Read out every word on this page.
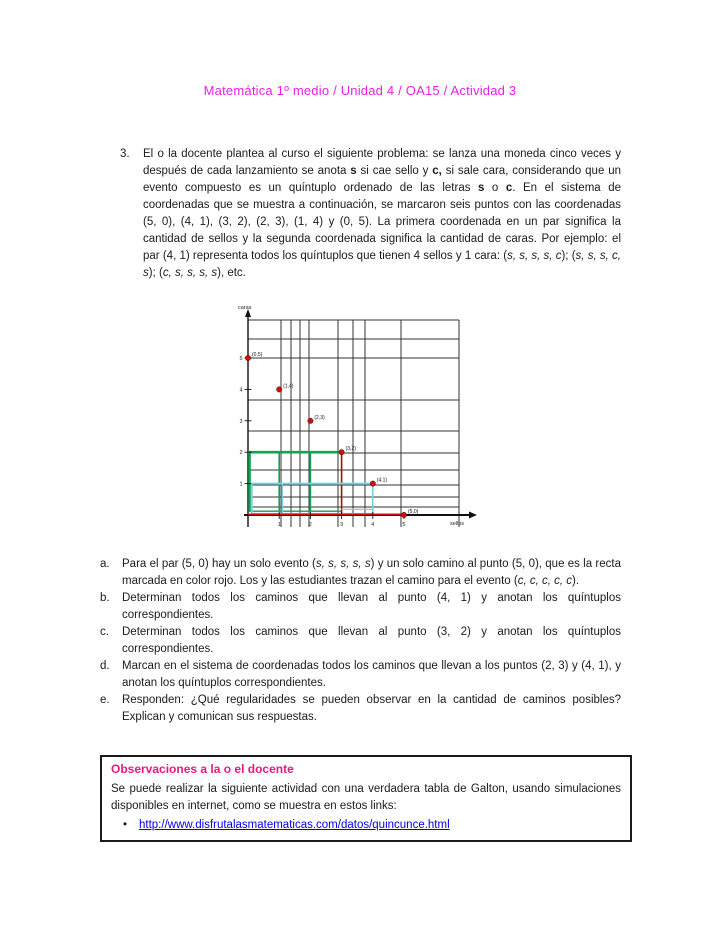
Matemática 1º medio / Unidad 4 / OA15 / Actividad 3
3.	El o la docente plantea al curso el siguiente problema: se lanza una moneda cinco veces y después de cada lanzamiento se anota s si cae sello y c, si sale cara, considerando que un evento compuesto es un quíntuplo ordenado de las letras s o c. En el sistema de coordenadas que se muestra a continuación, se marcaron seis puntos con las coordenadas (5, 0), (4, 1), (3, 2), (2, 3), (1, 4) y (0, 5). La primera coordenada en un par significa la cantidad de sellos y la segunda coordenada significa la cantidad de caras. Por ejemplo: el par (4, 1) representa todos los quíntuplos que tienen 4 sellos y 1 cara: (s, s, s, s, c); (s, s, s, c, s); (c, s, s, s, s), etc.
caras
sellos
1	2	3	4	5
1
2
3
4
5
(0,5)
(1,4)
(2,3)
(3,2)
(4,1)
(5,0)
a.	Para el par (5, 0) hay un solo evento (s, s, s, s, s) y un solo camino al punto (5, 0), que es la recta marcada en color rojo. Los y las estudiantes trazan el camino para el evento (c, c, c, c, c).
b.	Determinan todos los caminos que llevan al punto (4, 1) y anotan los quíntuplos correspondientes.
c.	Determinan todos los caminos que llevan al punto (3, 2) y anotan los quíntuplos correspondientes.
d.	Marcan en el sistema de coordenadas todos los caminos que llevan a los puntos (2, 3) y (4, 1), y anotan los quíntuplos correspondientes.
e.	Responden: ¿Qué regularidades se pueden observar en la cantidad de caminos posibles? Explican y comunican sus respuestas.
Observaciones a la o el docente
Se puede realizar la siguiente actividad con una verdadera tabla de Galton, usando simulaciones disponibles en internet, como se muestra en estos links:
•	http://www.disfrutalasmatematicas.com/datos/quincunce.html
